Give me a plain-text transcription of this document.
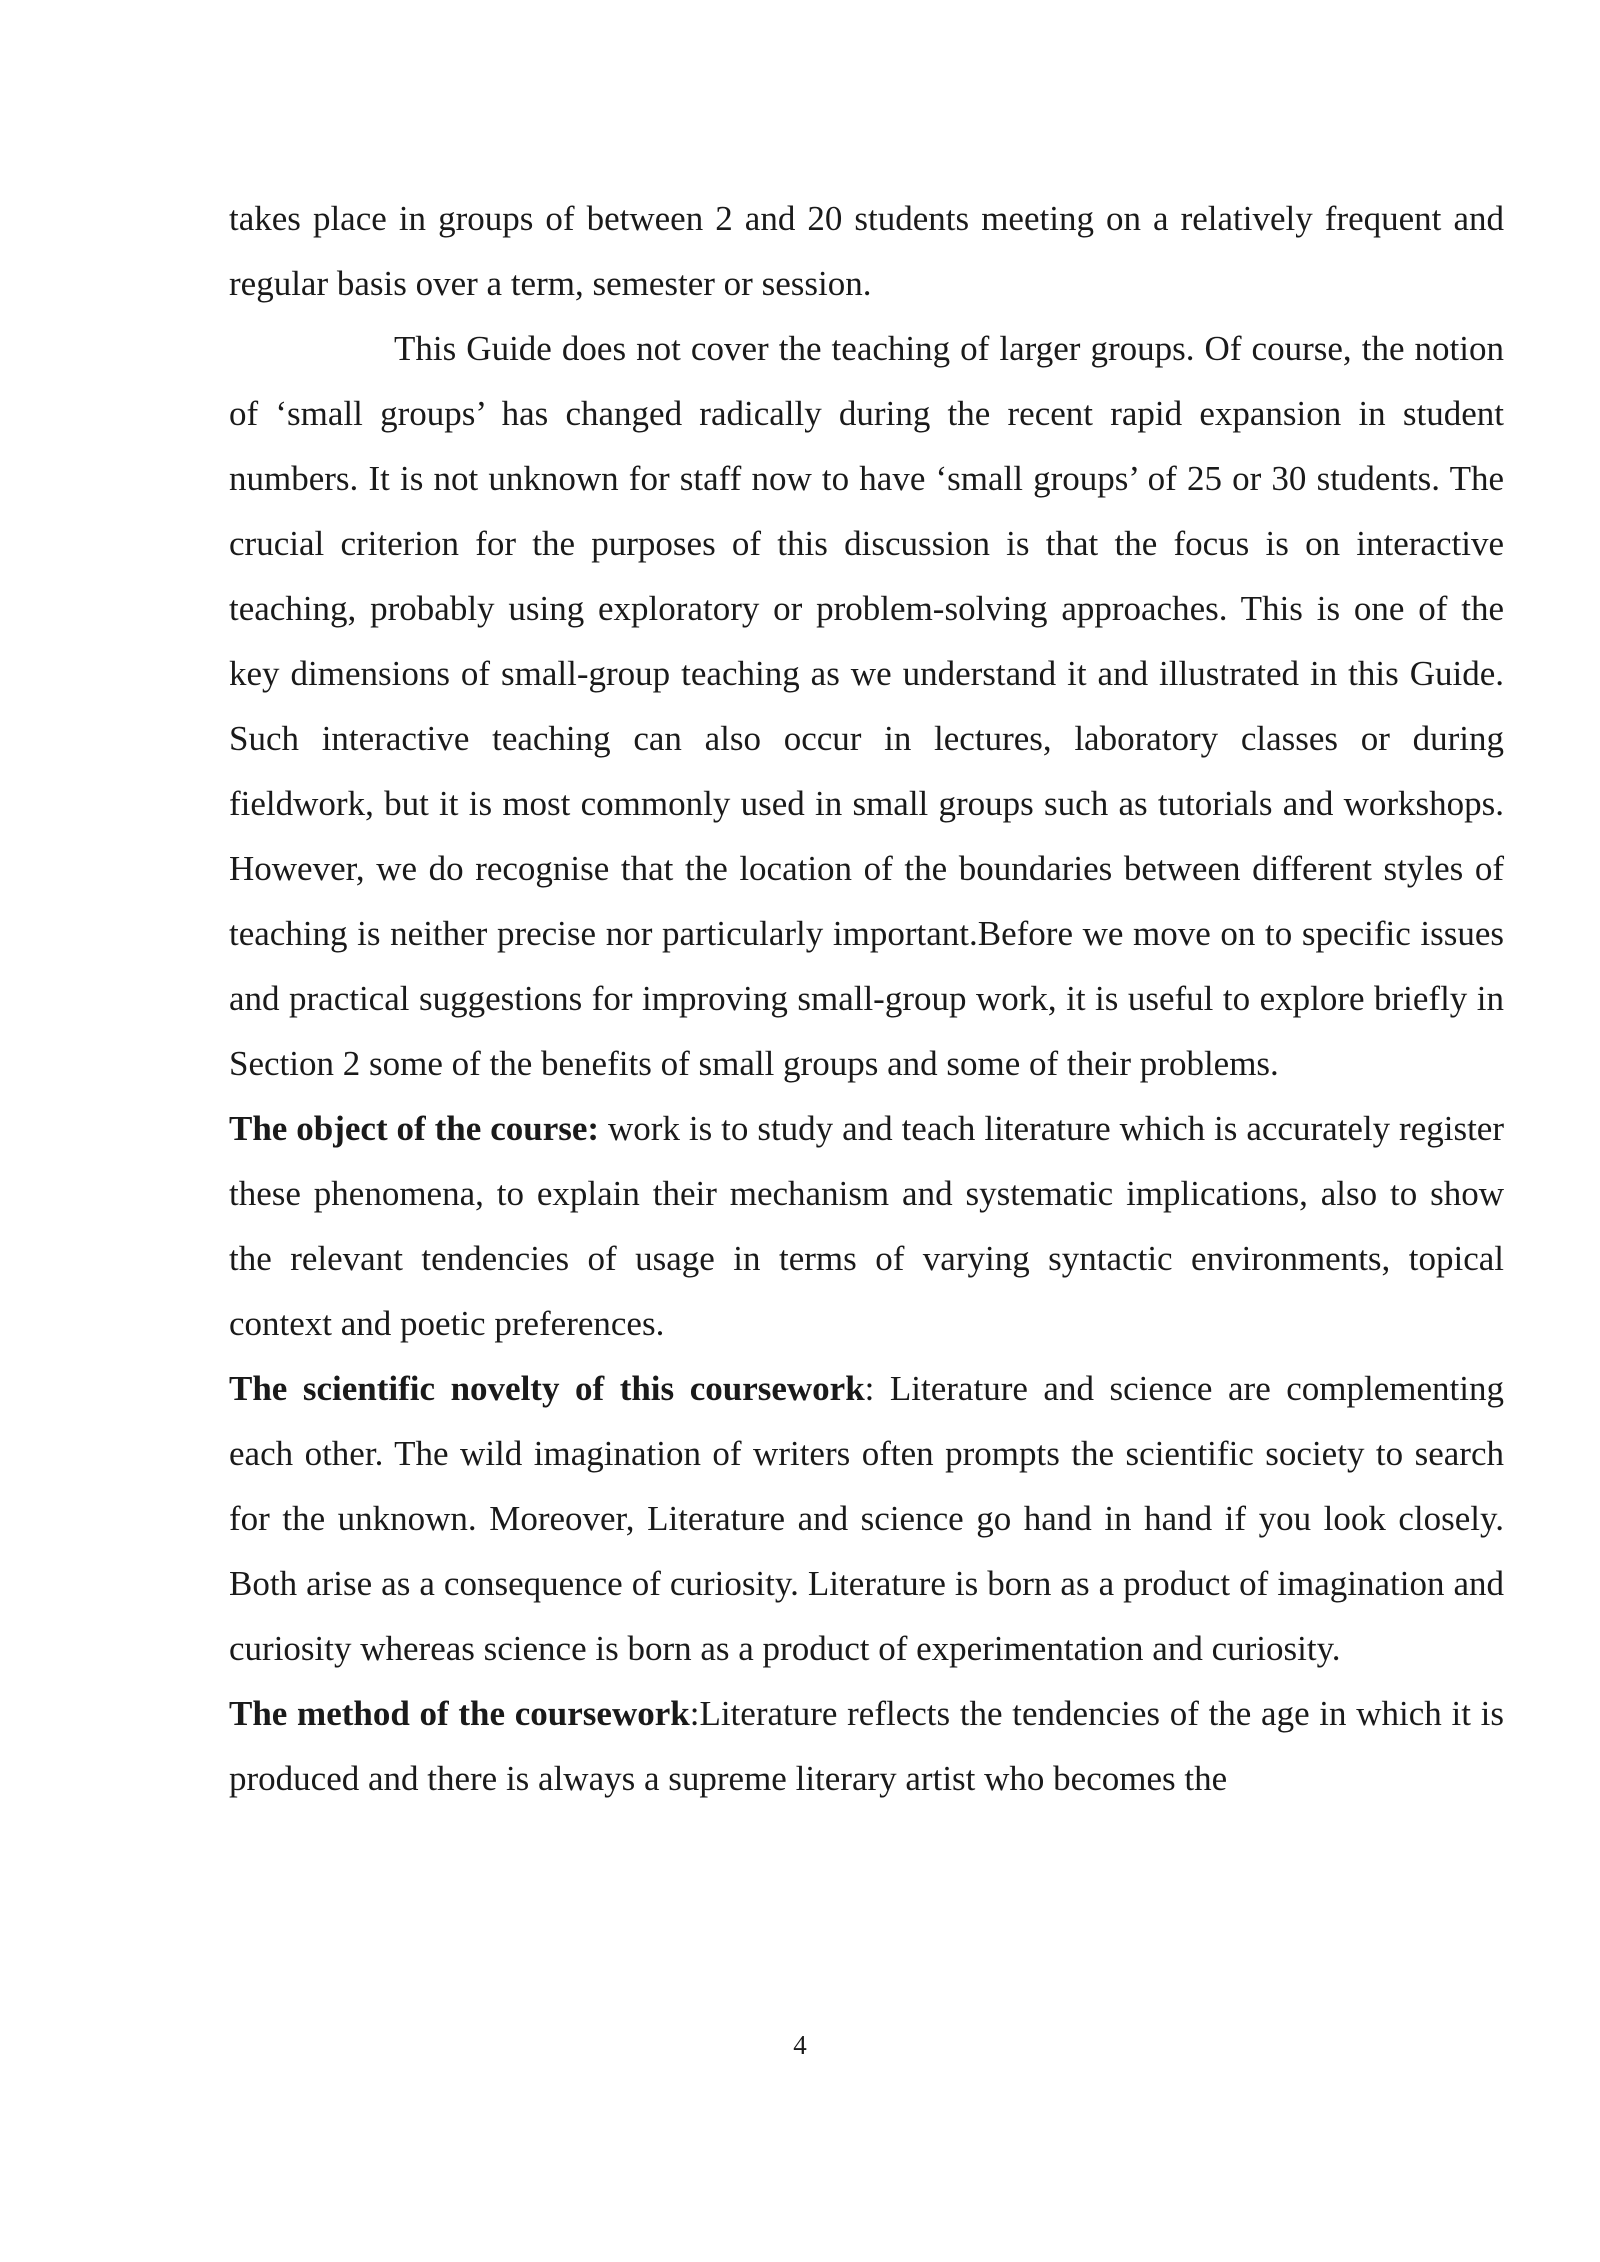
takes place in groups of between 2 and 20 students meeting on a relatively frequent and regular basis over a term, semester or session.

This Guide does not cover the teaching of larger groups. Of course, the notion of ‘small groups’ has changed radically during the recent rapid expansion in student numbers. It is not unknown for staff now to have ‘small groups’ of 25 or 30 students. The crucial criterion for the purposes of this discussion is that the focus is on interactive teaching, probably using exploratory or problem-solving approaches. This is one of the key dimensions of small-group teaching as we understand it and illustrated in this Guide. Such interactive teaching can also occur in lectures, laboratory classes or during fieldwork, but it is most commonly used in small groups such as tutorials and workshops. However, we do recognise that the location of the boundaries between different styles of teaching is neither precise nor particularly important.Before we move on to specific issues and practical suggestions for improving small-group work, it is useful to explore briefly in Section 2 some of the benefits of small groups and some of their problems.

The object of the course: work is to study and teach literature which is accurately register these phenomena, to explain their mechanism and systematic implications, also to show the relevant tendencies of usage in terms of varying syntactic environments, topical context and poetic preferences.

The scientific novelty of this coursework: Literature and science are complementing each other. The wild imagination of writers often prompts the scientific society to search for the unknown. Moreover, Literature and science go hand in hand if you look closely. Both arise as a consequence of curiosity. Literature is born as a product of imagination and curiosity whereas science is born as a product of experimentation and curiosity.

The method of the coursework:Literature reflects the tendencies of the age in which it is produced and there is always a supreme literary artist who becomes the

4
